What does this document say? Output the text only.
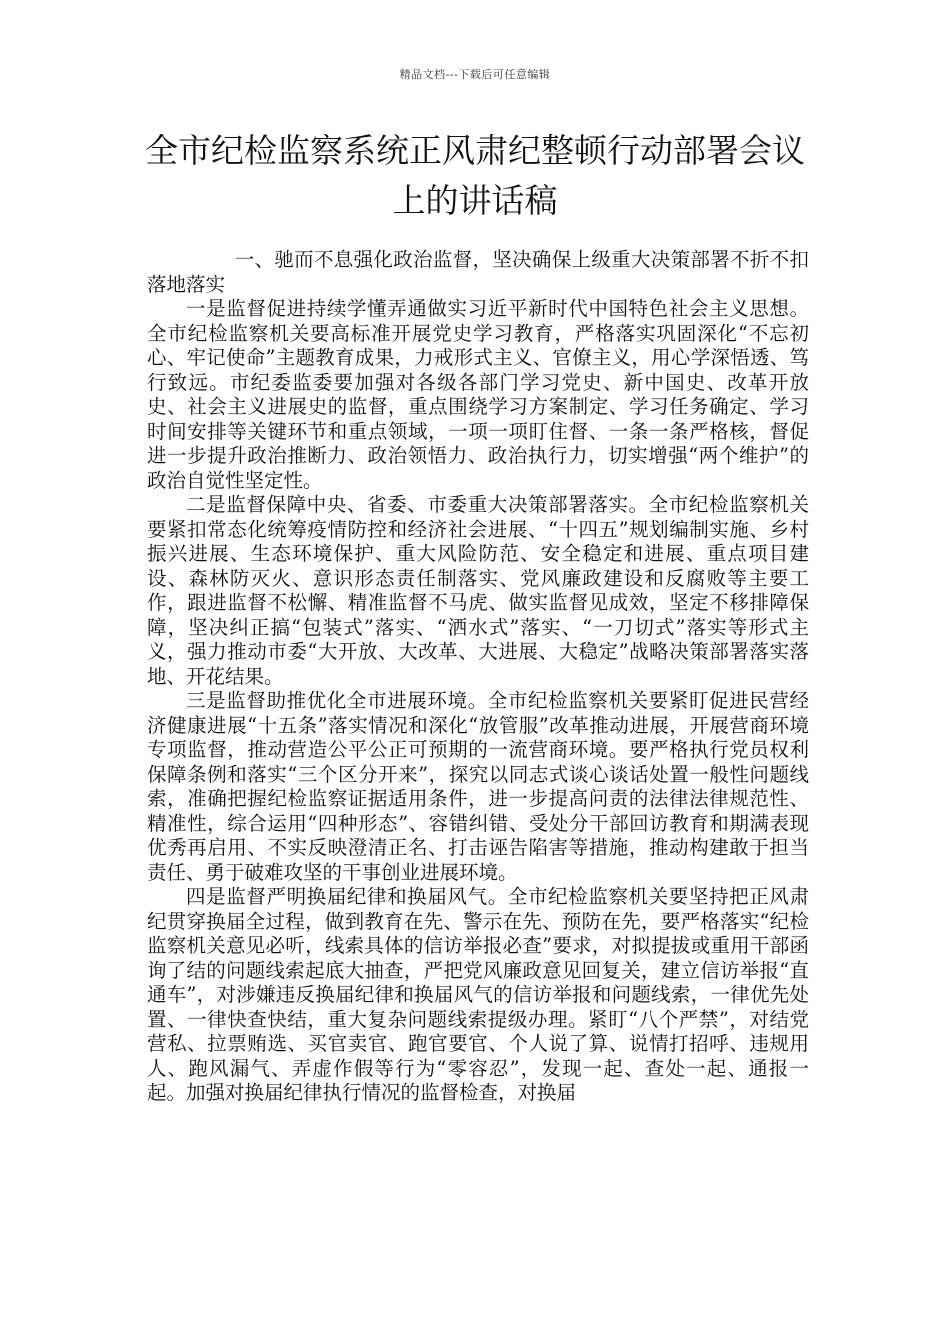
精品文档---下载后可任意编辑
全市纪检监察系统正风肃纪整顿行动部署会议上的讲话稿

一、驰而不息强化政治监督，坚决确保上级重大决策部署不折不扣落地落实

一是监督促进持续学懂弄通做实习近平新时代中国特色社会主义思想。全市纪检监察机关要高标准开展党史学习教育，严格落实巩固深化“不忘初心、牢记使命”主题教育成果，力戒形式主义、官僚主义，用心学深悟透、笃行致远。市纪委监委要加强对各级各部门学习党史、新中国史、改革开放史、社会主义进展史的监督，重点围绕学习方案制定、学习任务确定、学习时间安排等关键环节和重点领域，一项一项盯住督、一条一条严格核，督促进一步提升政治推断力、政治领悟力、政治执行力，切实增强“两个维护”的政治自觉性坚定性。

二是监督保障中央、省委、市委重大决策部署落实。全市纪检监察机关要紧扣常态化统筹疫情防控和经济社会进展、“十四五”规划编制实施、乡村振兴进展、生态环境保护、重大风险防范、安全稳定和进展、重点项目建设、森林防灭火、意识形态责任制落实、党风廉政建设和反腐败等主要工作，跟进监督不松懈、精准监督不马虎、做实监督见成效，坚定不移排障保障，坚决纠正搞“包装式”落实、“洒水式”落实、“一刀切式”落实等形式主义，强力推动市委“大开放、大改革、大进展、大稳定”战略决策部署落实落地、开花结果。

三是监督助推优化全市进展环境。全市纪检监察机关要紧盯促进民营经济健康进展“十五条”落实情况和深化“放管服”改革推动进展，开展营商环境专项监督，推动营造公平公正可预期的一流营商环境。要严格执行党员权利保障条例和落实“三个区分开来”，探究以同志式谈心谈话处置一般性问题线索，准确把握纪检监察证据适用条件，进一步提高问责的法律法律规范性、精准性，综合运用“四种形态”、容错纠错、受处分干部回访教育和期满表现优秀再启用、不实反映澄清正名、打击诬告陷害等措施，推动构建敢于担当责任、勇于破难攻坚的干事创业进展环境。

四是监督严明换届纪律和换届风气。全市纪检监察机关要坚持把正风肃纪贯穿换届全过程，做到教育在先、警示在先、预防在先，要严格落实“纪检监察机关意见必听，线索具体的信访举报必查”要求，对拟提拔或重用干部函询了结的问题线索起底大抽查，严把党风廉政意见回复关，建立信访举报“直通车”，对涉嫌违反换届纪律和换届风气的信访举报和问题线索，一律优先处置、一律快查快结，重大复杂问题线索提级办理。紧盯“八个严禁”，对结党营私、拉票贿选、买官卖官、跑官要官、个人说了算、说情打招呼、违规用人、跑风漏气、弄虚作假等行为“零容忍”，发现一起、查处一起、通报一起。加强对换届纪律执行情况的监督检查，对换届
